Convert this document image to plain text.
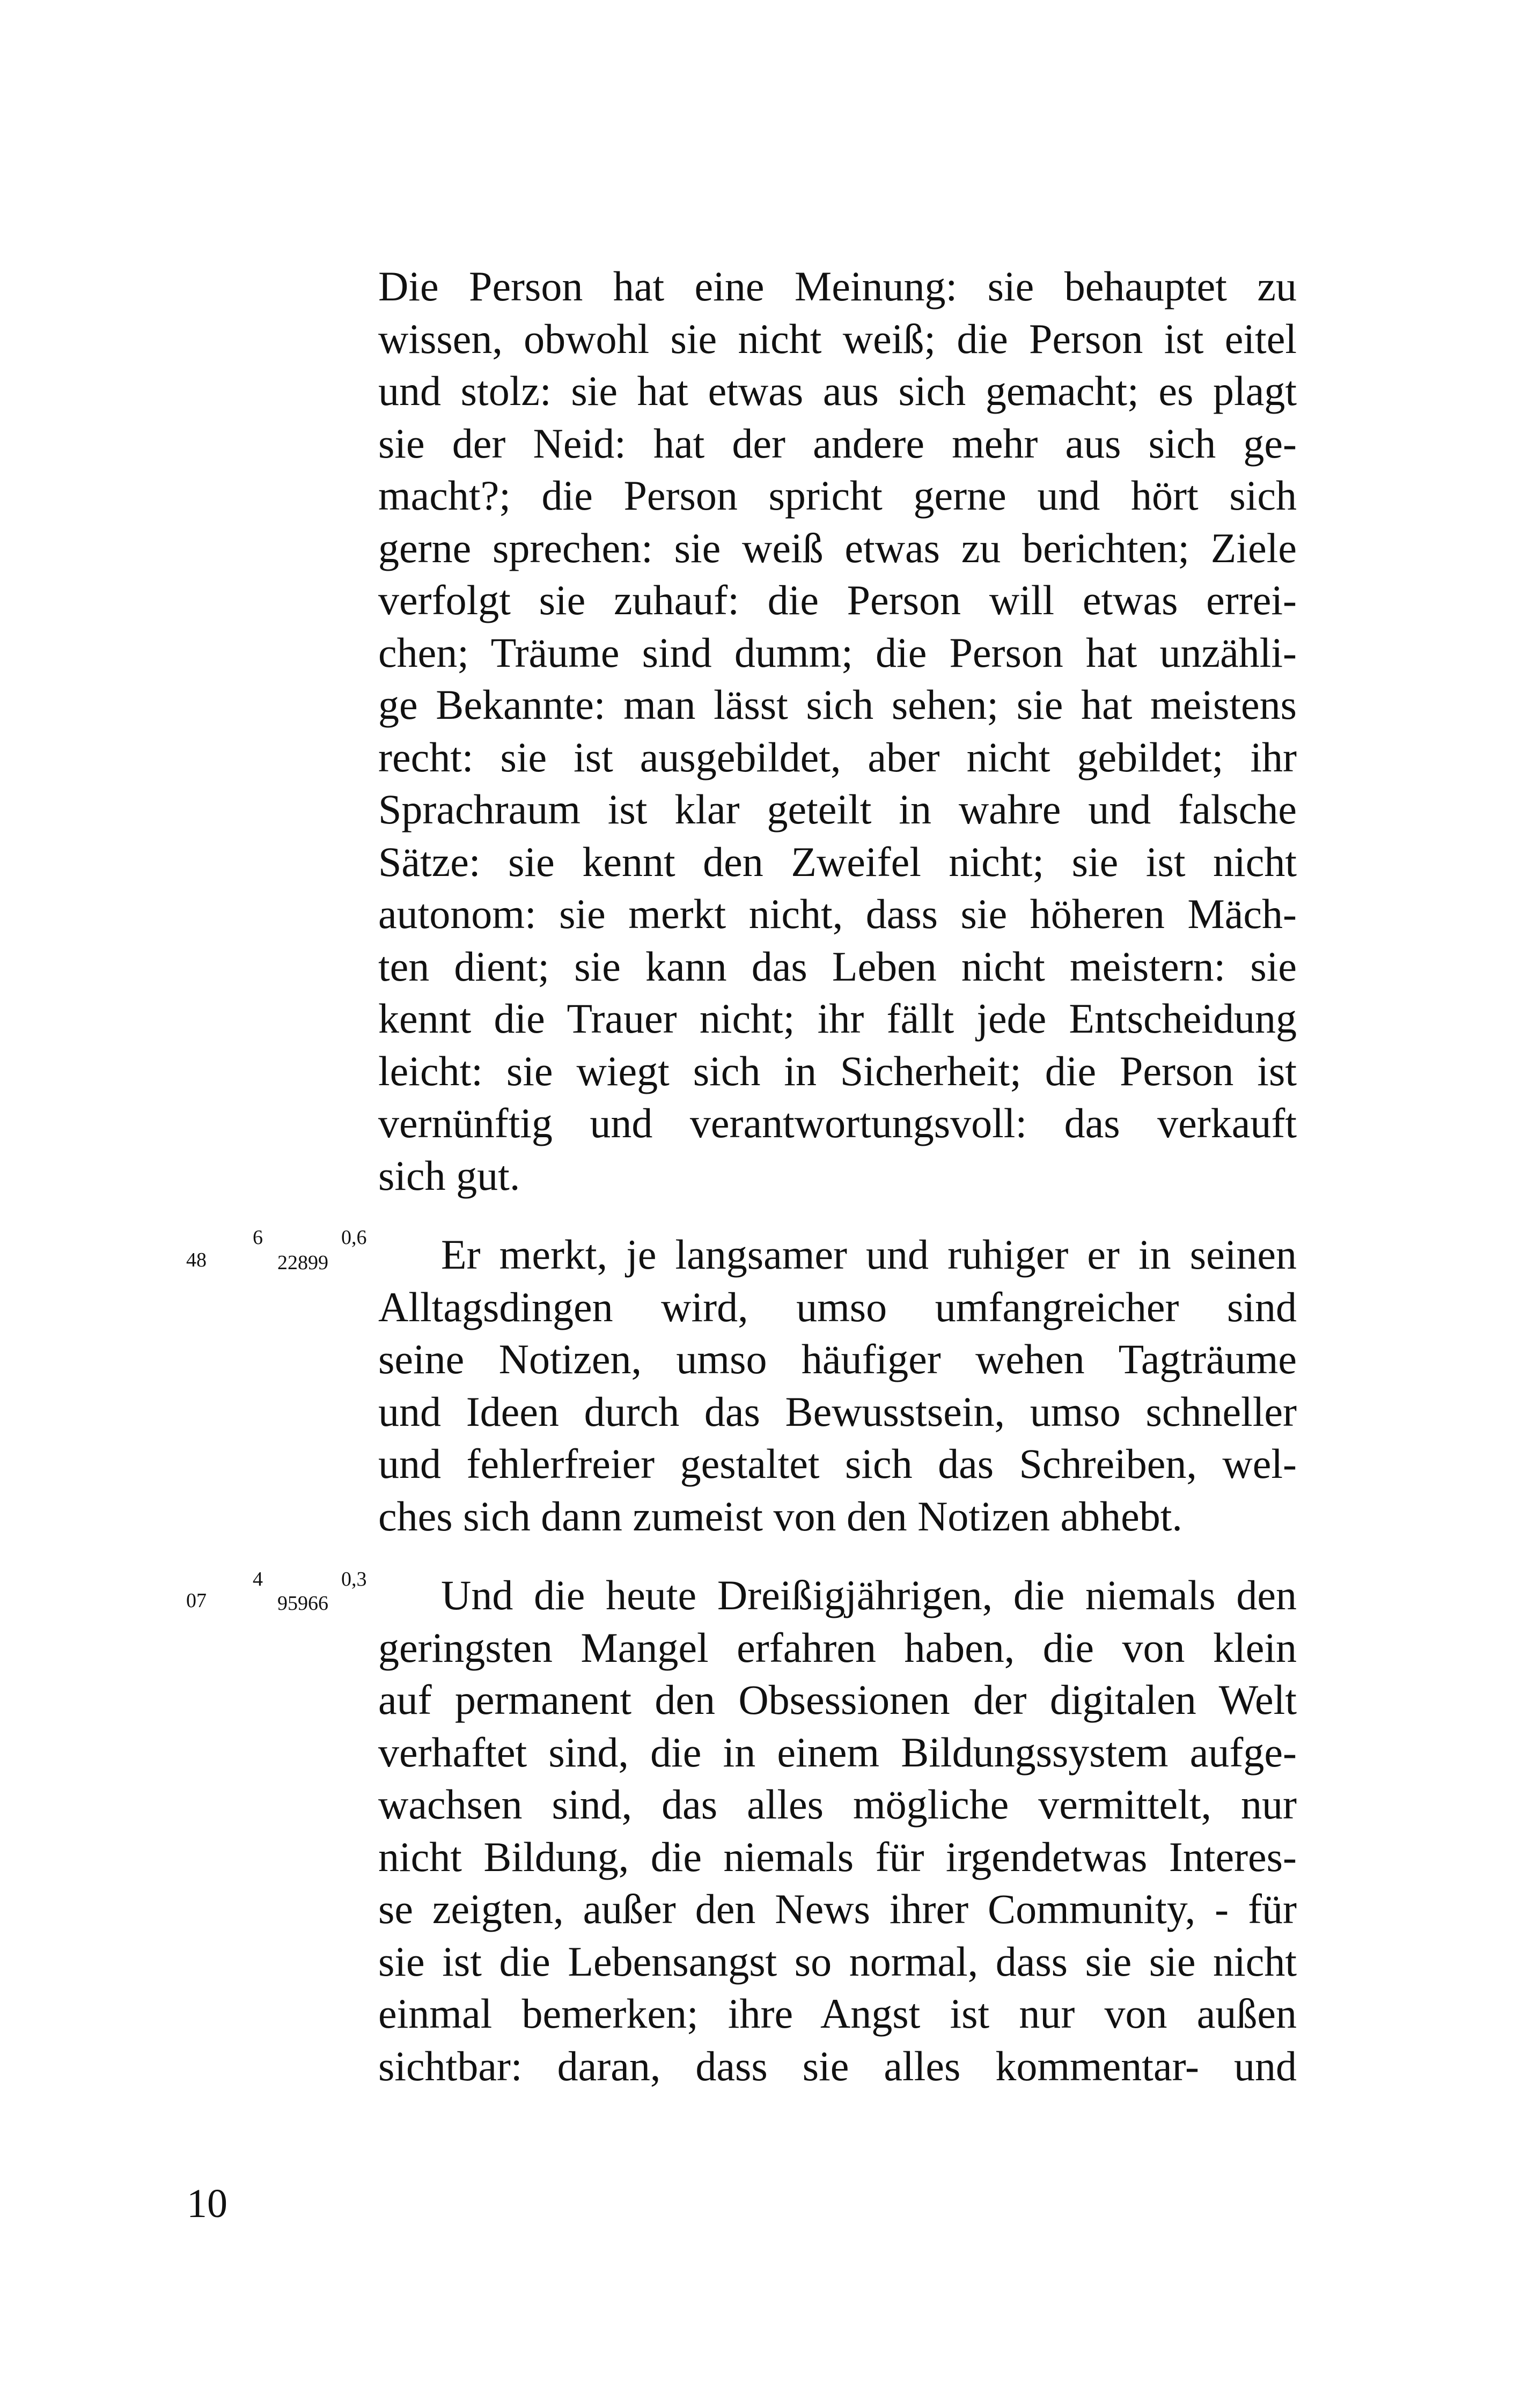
Die Person hat eine Meinung: sie behauptet zu
wissen, obwohl sie nicht weiß; die Person ist eitel
und stolz: sie hat etwas aus sich gemacht; es plagt
sie der Neid: hat der andere mehr aus sich ge-
macht?; die Person spricht gerne und hört sich
gerne sprechen: sie weiß etwas zu berichten; Ziele
verfolgt sie zuhauf: die Person will etwas errei-
chen; Träume sind dumm; die Person hat unzähli-
ge Bekannte: man lässt sich sehen; sie hat meistens
recht: sie ist ausgebildet, aber nicht gebildet; ihr
Sprachraum ist klar geteilt in wahre und falsche
Sätze: sie kennt den Zweifel nicht; sie ist nicht
autonom: sie merkt nicht, dass sie höheren Mäch-
ten dient; sie kann das Leben nicht meistern: sie
kennt die Trauer nicht; ihr fällt jede Entscheidung
leicht: sie wiegt sich in Sicherheit; die Person ist
vernünftig und verantwortungsvoll: das verkauft
sich gut.
48
6
22899
0,6	Er merkt, je langsamer und ruhiger er in seinen
Alltagsdingen wird, umso umfangreicher sind
seine Notizen, umso häufiger wehen Tagträume
und Ideen durch das Bewusstsein, umso schneller
und fehlerfreier gestaltet sich das Schreiben, wel-
ches sich dann zumeist von den Notizen abhebt.
07
4
95966
0,3	Und die heute Dreißigjährigen, die niemals den
geringsten Mangel erfahren haben, die von klein
auf permanent den Obsessionen der digitalen Welt
verhaftet sind, die in einem Bildungssystem aufge-
wachsen sind, das alles mögliche vermittelt, nur
nicht Bildung, die niemals für irgendetwas Interes-
se zeigten, außer den News ihrer Community, - für
sie ist die Lebensangst so normal, dass sie sie nicht
einmal bemerken; ihre Angst ist nur von außen
sichtbar: daran, dass sie alles kommentar- und
10
